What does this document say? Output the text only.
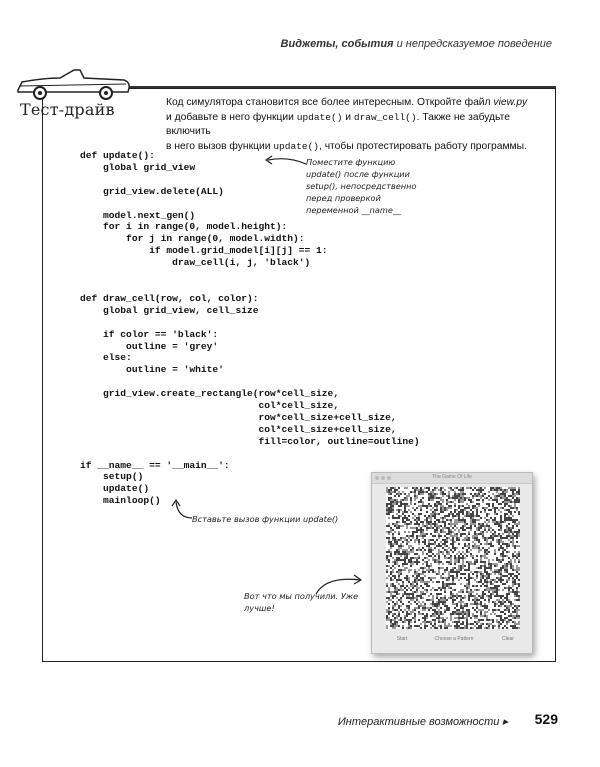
Виджеты, события и непредсказуемое поведение
Тест-драйв	Код симулятора становится все более интересным. Откройте файл view.py
и добавьте в него функции update() и draw_cell(). Также не забудьте включить
в него вызов функции update(), чтобы протестировать работу программы.
def update():
global grid_view

grid_view.delete(ALL)

model.next_gen()
for i in range(0, model.height):
for j in range(0, model.width):
if model.grid_model[i][j] == 1:
draw_cell(i, j, 'black')

def draw_cell(row, col, color):
global grid_view, cell_size

if color == 'black':
outline = 'grey'
else:
outline = 'white'

grid_view.create_rectangle(row*cell_size,
col*cell_size,
row*cell_size+cell_size,
col*cell_size+cell_size,
fill=color, outline=outline)

if __name__ == '__main__':
setup()
update()
mainloop()
Поместите функцию update() после функции setup(), непосредственно перед проверкой переменной __name__
Вставьте вызов функции update()
Вот что мы получили. Уже лучше!
The Game Of Life
Start	Choose a Pattern	Clear
Интерактивные возможности ▸ 529
